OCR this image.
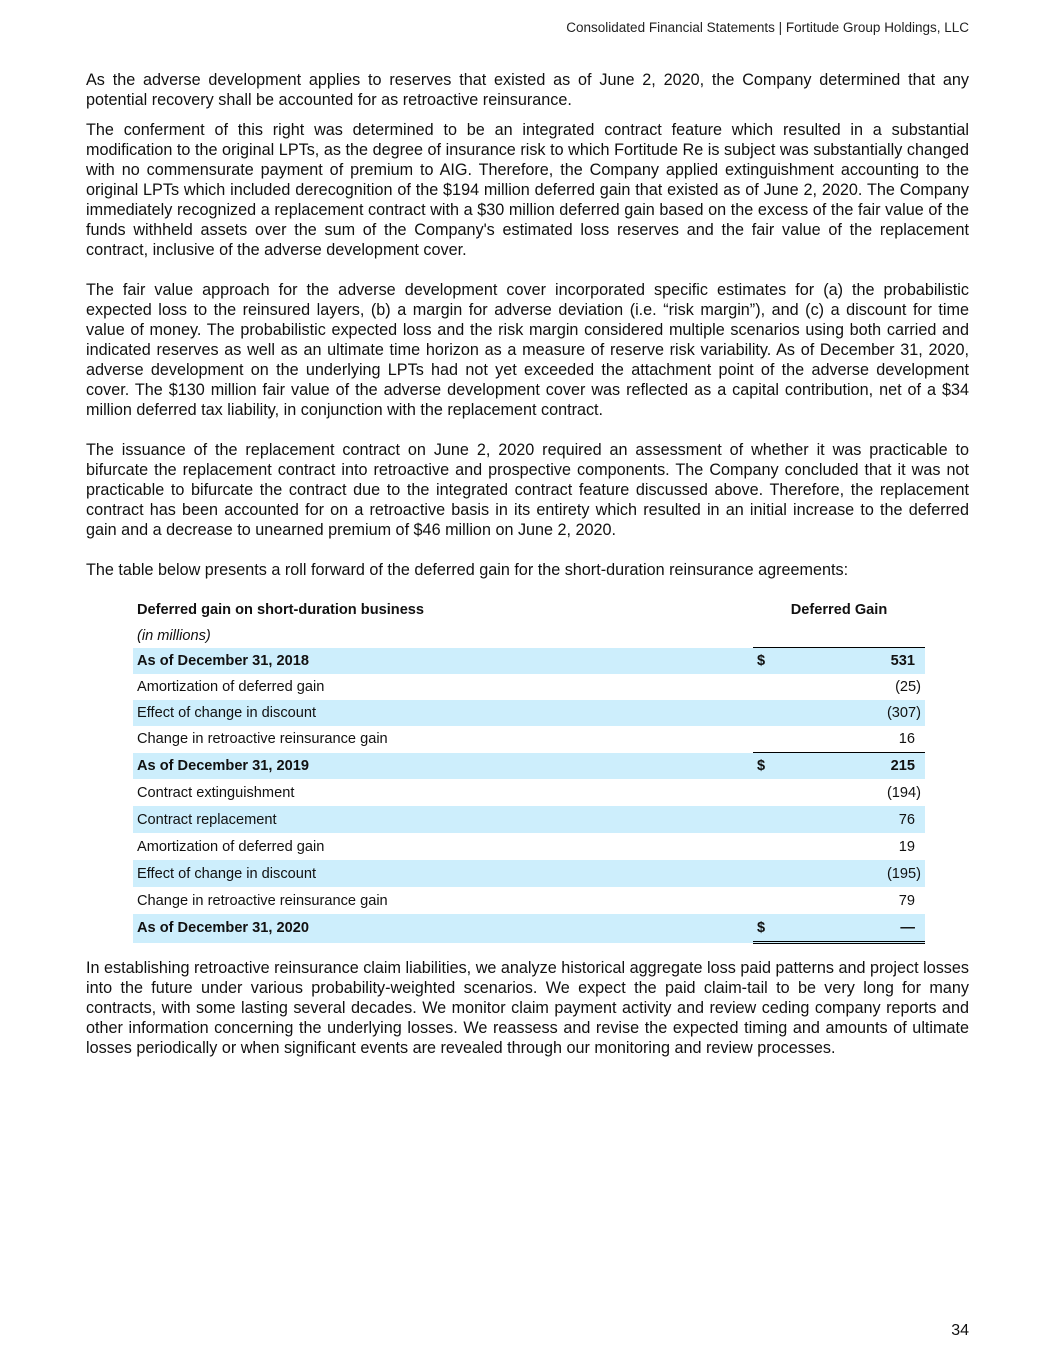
Consolidated Financial Statements | Fortitude Group Holdings, LLC

As the adverse development applies to reserves that existed as of June 2, 2020, the Company determined that any potential recovery shall be accounted for as retroactive reinsurance.

The conferment of this right was determined to be an integrated contract feature which resulted in a substantial modification to the original LPTs, as the degree of insurance risk to which Fortitude Re is subject was substantially changed with no commensurate payment of premium to AIG. Therefore, the Company applied extinguishment accounting to the original LPTs which included derecognition of the $194 million deferred gain that existed as of June 2, 2020. The Company immediately recognized a replacement contract with a $30 million deferred gain based on the excess of the fair value of the funds withheld assets over the sum of the Company's estimated loss reserves and the fair value of the replacement contract, inclusive of the adverse development cover.

The fair value approach for the adverse development cover incorporated specific estimates for (a) the probabilistic expected loss to the reinsured layers, (b) a margin for adverse deviation (i.e. “risk margin”), and (c) a discount for time value of money. The probabilistic expected loss and the risk margin considered multiple scenarios using both carried and indicated reserves as well as an ultimate time horizon as a measure of reserve risk variability. As of December 31, 2020, adverse development on the underlying LPTs had not yet exceeded the attachment point of the adverse development cover. The $130 million fair value of the adverse development cover was reflected as a capital contribution, net of a $34 million deferred tax liability, in conjunction with the replacement contract.

The issuance of the replacement contract on June 2, 2020 required an assessment of whether it was practicable to bifurcate the replacement contract into retroactive and prospective components. The Company concluded that it was not practicable to bifurcate the contract due to the integrated contract feature discussed above. Therefore, the replacement contract has been accounted for on a retroactive basis in its entirety which resulted in an initial increase to the deferred gain and a decrease to unearned premium of $46 million on June 2, 2020.

The table below presents a roll forward of the deferred gain for the short-duration reinsurance agreements:

Deferred gain on short-duration business	Deferred Gain	
(in millions)		
As of December 31, 2018	$	531
Amortization of deferred gain		(25)
Effect of change in discount		(307)
Change in retroactive reinsurance gain		16
As of December 31, 2019	$	215
Contract extinguishment		(194)
Contract replacement		76
Amortization of deferred gain		19
Effect of change in discount		(195)
Change in retroactive reinsurance gain		79
As of December 31, 2020	$	—

In establishing retroactive reinsurance claim liabilities, we analyze historical aggregate loss paid patterns and project losses into the future under various probability-weighted scenarios. We expect the paid claim-tail to be very long for many contracts, with some lasting several decades. We monitor claim payment activity and review ceding company reports and other information concerning the underlying losses. We reassess and revise the expected timing and amounts of ultimate losses periodically or when significant events are revealed through our monitoring and review processes.

34
